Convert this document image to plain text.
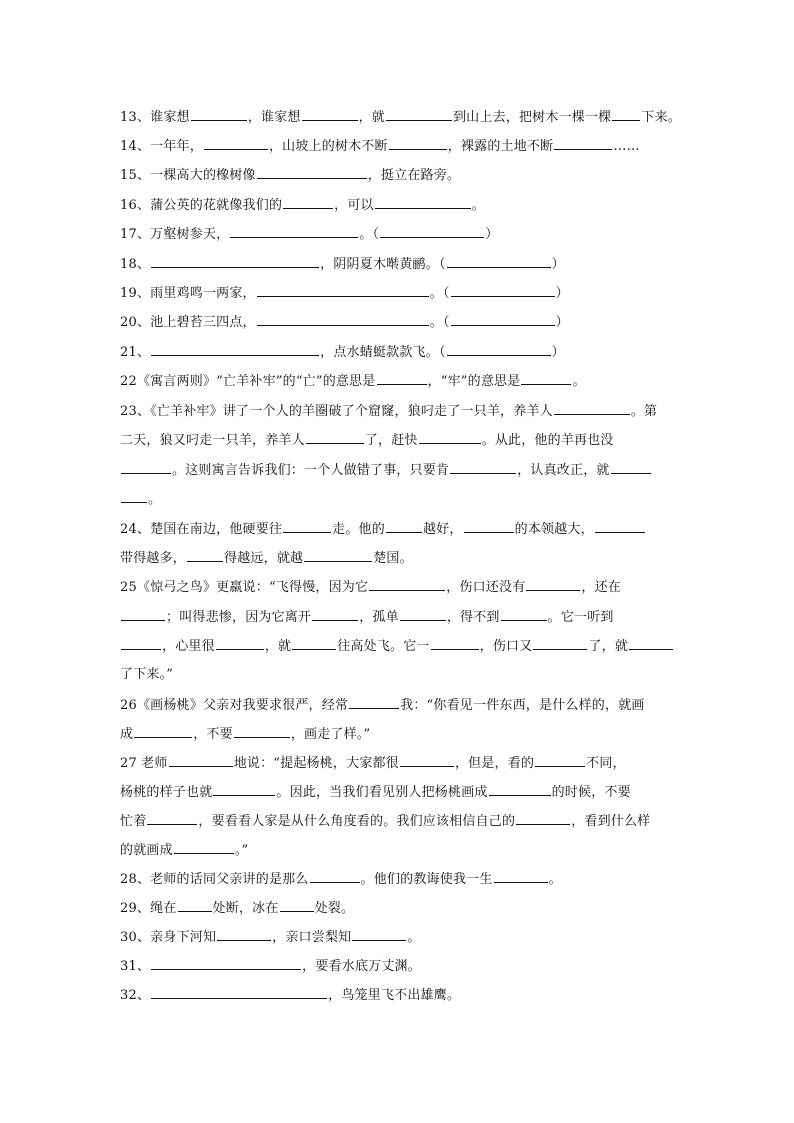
13、谁家想	，谁家想	，就	到山上去，把树木一棵一棵 下来。
14、一年年，	，山坡上的树木不断	，裸露的土地不断	……
15、一棵高大的橡树像	，挺立在路旁。
16、蒲公英的花就像我们的	，可以	。
17、万壑树参天，	。（	）
18、	，阴阴夏木啭黄鹂。（	）
19、雨里鸡鸣一两家，	。（	）
20、池上碧苔三四点，	。（	）
21、	，点水蜻蜓款款飞。（	）
22《寓言两则》“亡羊补牢”的“亡”的意思是	，“牢”的意思是	。
23、《亡羊补牢》讲了一个人的羊圈破了个窟窿，狼叼走了一只羊，养羊人	。第
二天，狼又叼走一只羊，养羊人	了，赶快	。从此，他的羊再也没
。这则寓言告诉我们：一个人做错了事，只要肯	，认真改正，就
。
24、楚国在南边，他硬要往	走。他的	越好，	的本领越大，
带得越多，	得越远，就越	楚国。
25《惊弓之鸟》更羸说：“飞得慢，因为它	，伤口还没有	，还在
；叫得悲惨，因为它离开	，孤单	，得不到	。它一听到
，心里很	，就	往高处飞。它一	，伤口又	了，就
了下来。”
26《画杨桃》父亲对我要求很严，经常	我：“你看见一件东西，是什么样的，就画
成	，不要	，画走了样。”
27 老师	地说：“提起杨桃，大家都很	，但是，看的	不同，
杨桃的样子也就	。因此，当我们看见别人把杨桃画成	的时候，不要
忙着	，要看看人家是从什么角度看的。我们应该相信自己的	，看到什么样
的就画成	。”
28、老师的话同父亲讲的是那么	。他们的教诲使我一生	。
29、绳在	处断，冰在	处裂。
30、亲身下河知	，亲口尝梨知	。
31、	，要看水底万丈渊。
32、	，鸟笼里飞不出雄鹰。
